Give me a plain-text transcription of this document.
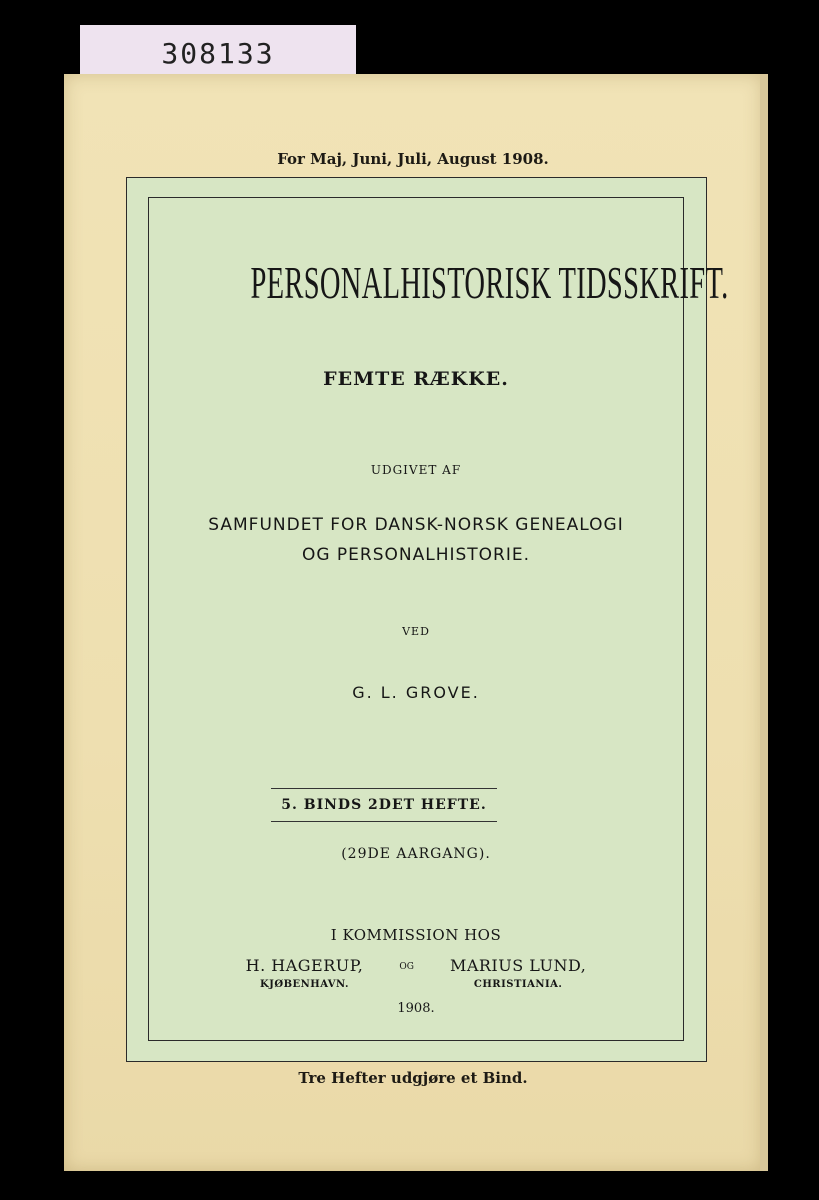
308133
For Maj, Juni, Juli, August 1908.
PERSONALHISTORISK TIDSSKRIFT.
FEMTE RÆKKE.
UDGIVET AF
SAMFUNDET FOR DANSK-NORSK GENEALOGI
OG PERSONALHISTORIE.
VED
G. L. GROVE.
5. BINDS 2DET HEFTE.
(29DE AARGANG).
I KOMMISSION HOS
H. HAGERUP,
KJØBENHAVN.
OG MARIUS LUND,
CHRISTIANIA.
1908.
Tre Hefter udgjøre et Bind.
